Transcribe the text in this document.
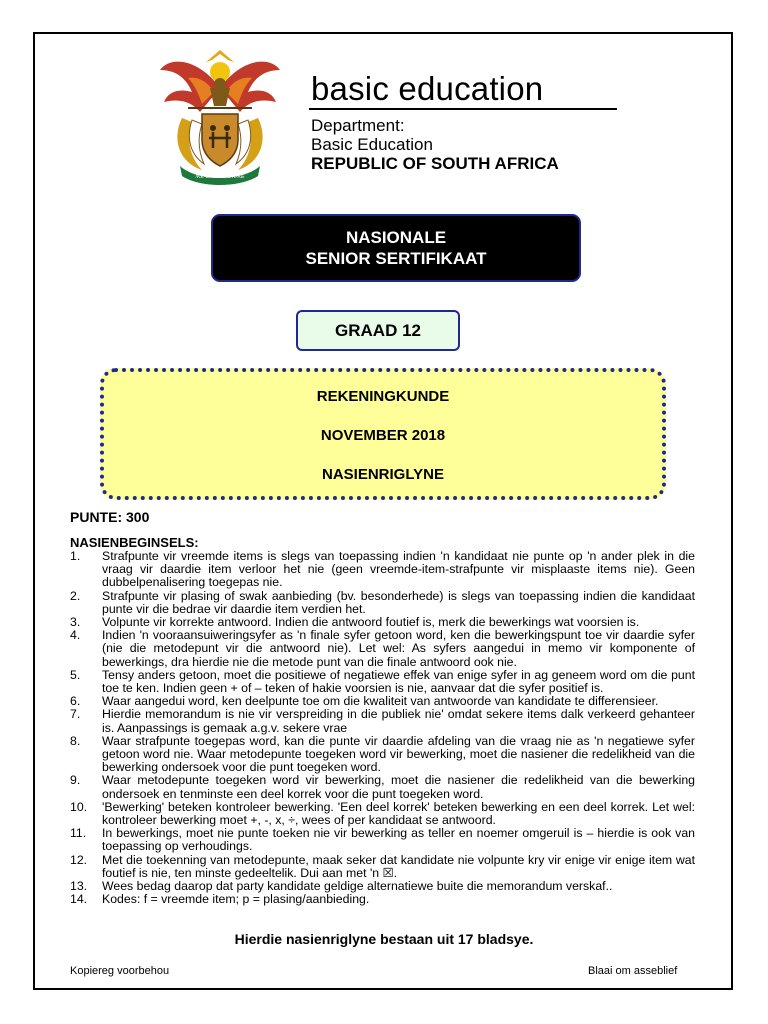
!KE E: /XARRA //KE
basic education
Department:
Basic Education
REPUBLIC OF SOUTH AFRICA
NASIONALE
SENIOR SERTIFIKAAT
GRAAD 12
REKENINGKUNDE
NOVEMBER 2018
NASIENRIGLYNE
PUNTE: 300
NASIENBEGINSELS:
1. Strafpunte vir vreemde items is slegs van toepassing indien 'n kandidaat nie punte op 'n ander plek in die vraag vir daardie item verloor het nie (geen vreemde-item-strafpunte vir misplaaste items nie). Geen dubbelpenalisering toegepas nie.
2. Strafpunte vir plasing of swak aanbieding (bv. besonderhede) is slegs van toepassing indien die kandidaat punte vir die bedrae vir daardie item verdien het.
3. Volpunte vir korrekte antwoord. Indien die antwoord foutief is, merk die bewerkings wat voorsien is.
4. Indien 'n vooraansuiweringsyfer as 'n finale syfer getoon word, ken die bewerkingspunt toe vir daardie syfer (nie die metodepunt vir die antwoord nie). Let wel: As syfers aangedui in memo vir komponente of bewerkings, dra hierdie nie die metode punt van die finale antwoord ook nie.
5. Tensy anders getoon, moet die positiewe of negatiewe effek van enige syfer in ag geneem word om die punt toe te ken. Indien geen + of – teken of hakie voorsien is nie, aanvaar dat die syfer positief is.
6. Waar aangedui word, ken deelpunte toe om die kwaliteit van antwoorde van kandidate te differensieer.
7. Hierdie memorandum is nie vir verspreiding in die publiek nie' omdat sekere items dalk verkeerd gehanteer is. Aanpassings is gemaak a.g.v. sekere vrae
8. Waar strafpunte toegepas word, kan die punte vir daardie afdeling van die vraag nie as 'n negatiewe syfer getoon word nie. Waar metodepunte toegeken word vir bewerking, moet die nasiener die redelikheid van die bewerking ondersoek voor die punt toegeken word.
9. Waar metodepunte toegeken word vir bewerking, moet die nasiener die redelikheid van die bewerking ondersoek en tenminste een deel korrek voor die punt toegeken word.
10. 'Bewerking' beteken kontroleer bewerking. 'Een deel korrek' beteken bewerking en een deel korrek. Let wel: kontroleer bewerking moet +, -, x, ÷, wees of per kandidaat se antwoord.
11. In bewerkings, moet nie punte toeken nie vir bewerking as teller en noemer omgeruil is – hierdie is ook van toepassing op verhoudings.
12. Met die toekenning van metodepunte, maak seker dat kandidate nie volpunte kry vir enige vir enige item wat foutief is nie, ten minste gedeeltelik. Dui aan met 'n ☒.
13. Wees bedag daarop dat party kandidate geldige alternatiewe buite die memorandum verskaf..
14. Kodes: f = vreemde item; p = plasing/aanbieding.
Hierdie nasienriglyne bestaan uit 17 bladsye.
Kopiereg voorbehou	Blaai om asseblief
